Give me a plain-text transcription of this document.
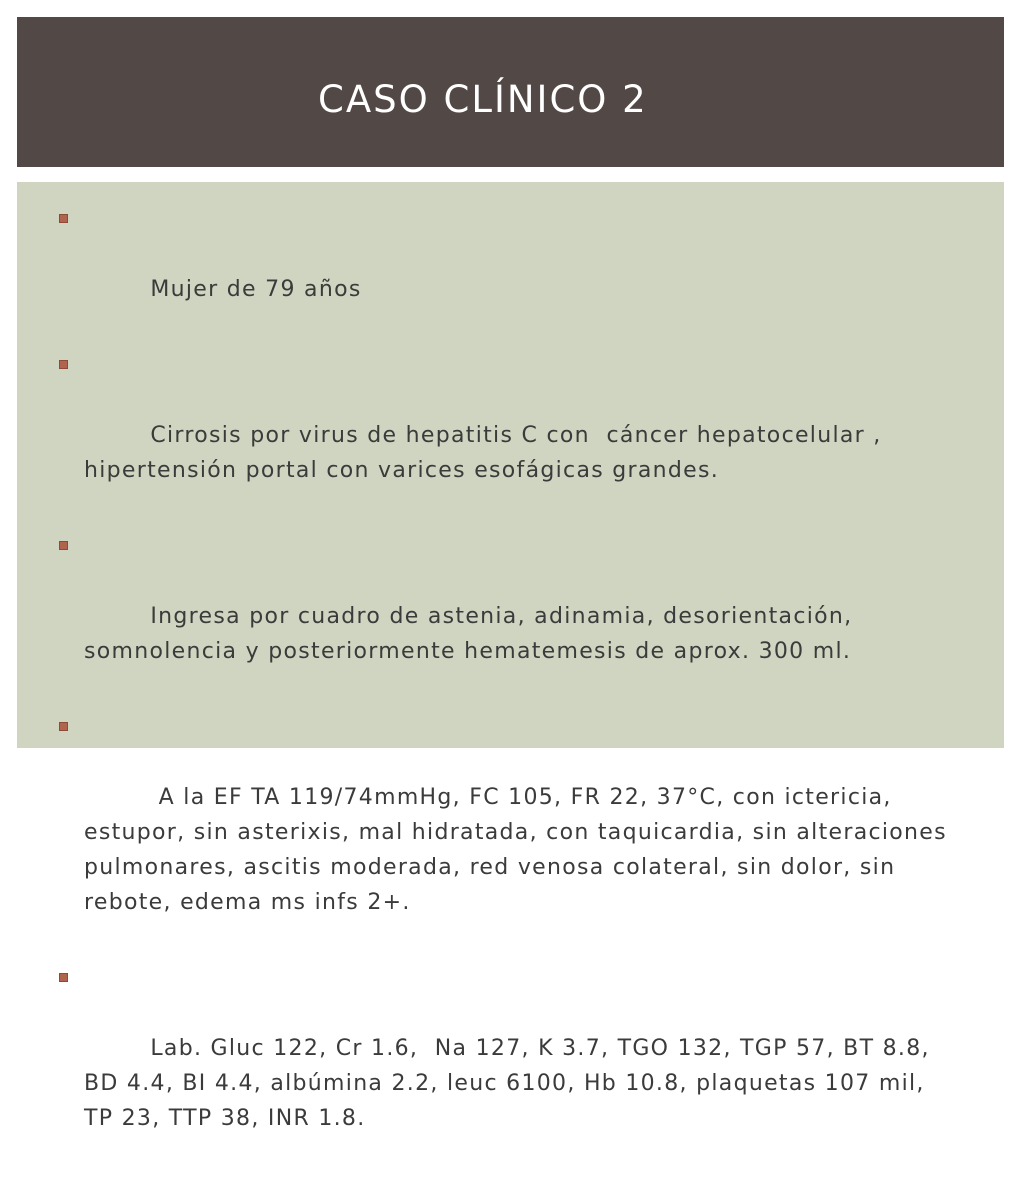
CASO CLÍNICO 2

Mujer de 79 años

Cirrosis por virus de hepatitis C con  cáncer hepatocelular , hipertensión portal con varices esofágicas grandes.

Ingresa por cuadro de astenia, adinamia, desorientación, somnolencia y posteriormente hematemesis de aprox. 300 ml.

A la EF TA 119/74mmHg, FC 105, FR 22, 37°C, con ictericia, estupor, sin asterixis, mal hidratada, con taquicardia, sin alteraciones pulmonares, ascitis moderada, red venosa colateral, sin dolor, sin rebote, edema ms infs 2+.

Lab. Gluc 122, Cr 1.6,  Na 127, K 3.7, TGO 132, TGP 57, BT 8.8, BD 4.4, BI 4.4, albúmina 2.2, leuc 6100, Hb 10.8, plaquetas 107 mil,  TP 23, TTP 38, INR 1.8.
